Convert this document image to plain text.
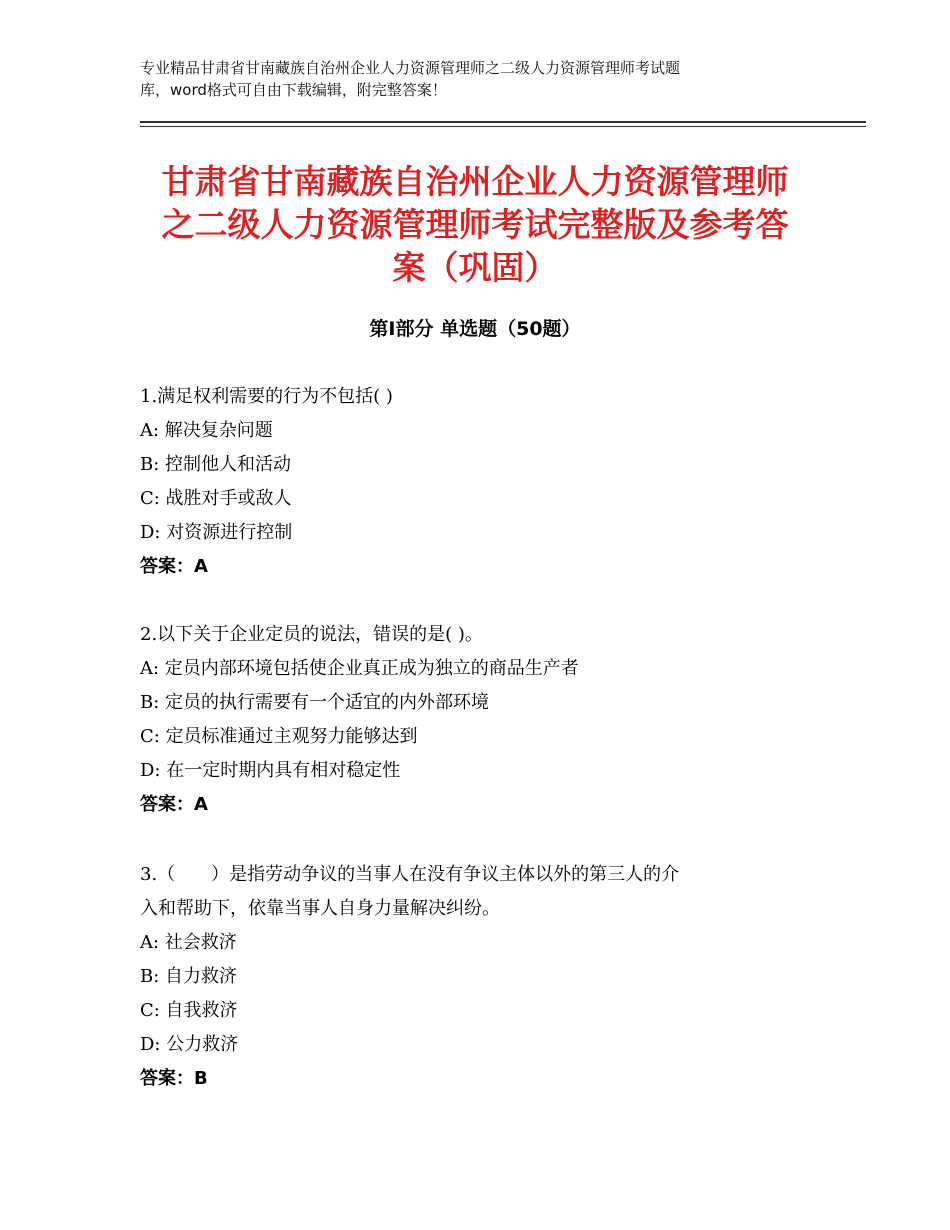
专业精品甘肃省甘南藏族自治州企业人力资源管理师之二级人力资源管理师考试题
库，word格式可自由下载编辑，附完整答案！
甘肃省甘南藏族自治州企业人力资源管理师
之二级人力资源管理师考试完整版及参考答
案（巩固）
第Ⅰ部分 单选题（50题）
1.满足权利需要的行为不包括( )
A: 解决复杂问题
B: 控制他人和活动
C: 战胜对手或敌人
D: 对资源进行控制
答案：A
2.以下关于企业定员的说法，错误的是( )。
A: 定员内部环境包括使企业真正成为独立的商品生产者
B: 定员的执行需要有一个适宜的内外部环境
C: 定员标准通过主观努力能够达到
D: 在一定时期内具有相对稳定性
答案：A
3.（　　）是指劳动争议的当事人在没有争议主体以外的第三人的介
入和帮助下，依靠当事人自身力量解决纠纷。
A: 社会救济
B: 自力救济
C: 自我救济
D: 公力救济
答案：B
